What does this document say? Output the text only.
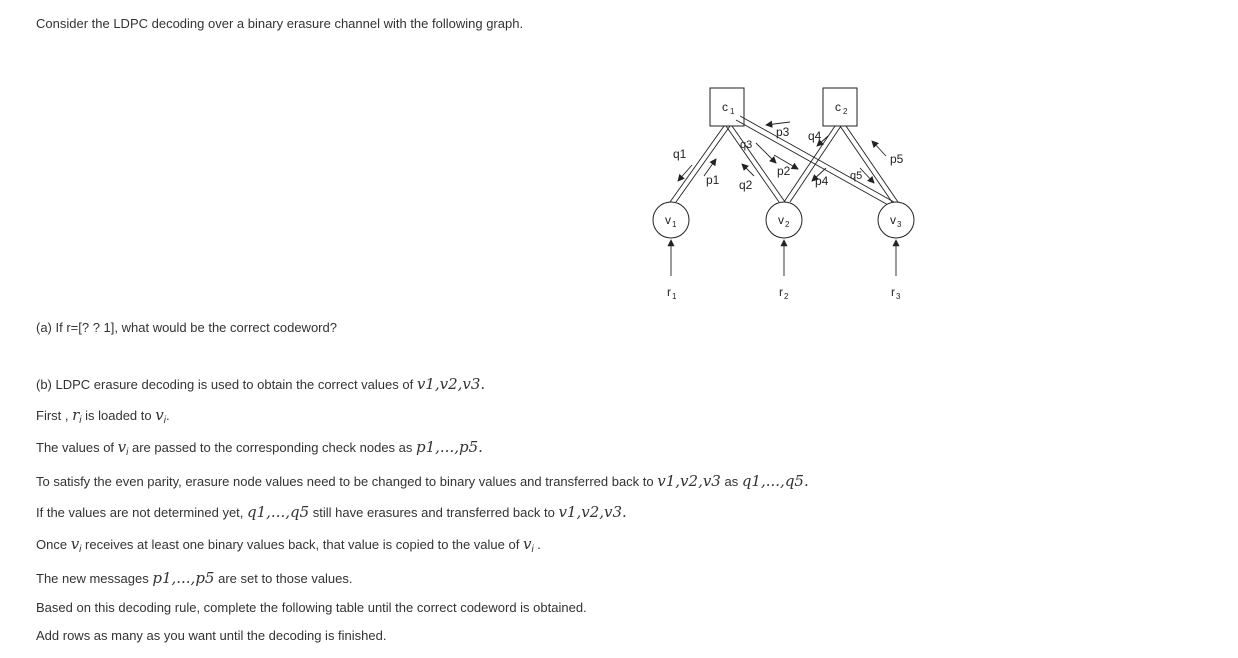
Consider the LDPC decoding over a binary erasure channel with the following graph.
c 1	c 2
q1
p1
q3
q2
p3
p2
q4
p4 q5
p5
v 1	v 2	v 3
r 1	r 2	r 3
(a) If r=[? ? 1], what would be the correct codeword?
(b) LDPC erasure decoding is used to obtain the correct values of v1,v2,v3.
First , $r_i$ is loaded to $v_i$.
The values of $v_i$ are passed to the corresponding check nodes as p1,...,p5.
To satisfy the even parity, erasure node values need to be changed to binary values and transferred back to v1,v2,v3 as q1,...,q5.
If the values are not determined yet, q1,...,q5 still have erasures and transferred back to v1,v2,v3.
Once $v_i$ receives at least one binary values back, that value is copied to the value of $v_i$ .
The new messages p1,...,p5 are set to those values.
Based on this decoding rule, complete the following table until the correct codeword is obtained.
Add rows as many as you want until the decoding is finished.
